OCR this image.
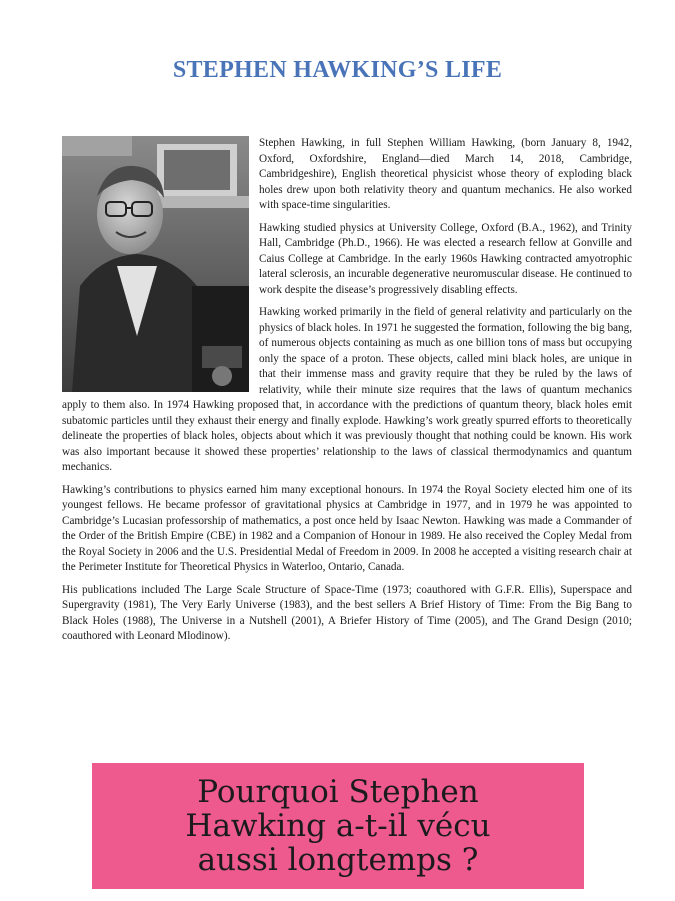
STEPHEN HAWKING’S LIFE

Stephen Hawking, in full Stephen William Hawking, (born January 8, 1942, Oxford, Oxfordshire, England—died March 14, 2018, Cambridge, Cambridgeshire), English theoretical physicist whose theory of exploding black holes drew upon both relativity theory and quantum mechanics. He also worked with space-time singularities.

Hawking studied physics at University College, Oxford (B.A., 1962), and Trinity Hall, Cambridge (Ph.D., 1966). He was elected a research fellow at Gonville and Caius College at Cambridge. In the early 1960s Hawking contracted amyotrophic lateral sclerosis, an incurable degenerative neuromuscular disease. He continued to work despite the disease’s progressively disabling effects.

Hawking worked primarily in the field of general relativity and particularly on the physics of black holes. In 1971 he suggested the formation, following the big bang, of numerous objects containing as much as one billion tons of mass but occupying only the space of a proton. These objects, called mini black holes, are unique in that their immense mass and gravity require that they be ruled by the laws of relativity, while their minute size requires that the laws of quantum mechanics apply to them also. In 1974 Hawking proposed that, in accordance with the predictions of quantum theory, black holes emit subatomic particles until they exhaust their energy and finally explode. Hawking’s work greatly spurred efforts to theoretically delineate the properties of black holes, objects about which it was previously thought that nothing could be known. His work was also important because it showed these properties’ relationship to the laws of classical thermodynamics and quantum mechanics.

Hawking’s contributions to physics earned him many exceptional honours. In 1974 the Royal Society elected him one of its youngest fellows. He became professor of gravitational physics at Cambridge in 1977, and in 1979 he was appointed to Cambridge’s Lucasian professorship of mathematics, a post once held by Isaac Newton. Hawking was made a Commander of the Order of the British Empire (CBE) in 1982 and a Companion of Honour in 1989. He also received the Copley Medal from the Royal Society in 2006 and the U.S. Presidential Medal of Freedom in 2009. In 2008 he accepted a visiting research chair at the Perimeter Institute for Theoretical Physics in Waterloo, Ontario, Canada.

His publications included The Large Scale Structure of Space-Time (1973; coauthored with G.F.R. Ellis), Superspace and Supergravity (1981), The Very Early Universe (1983), and the best sellers A Brief History of Time: From the Big Bang to Black Holes (1988), The Universe in a Nutshell (2001), A Briefer History of Time (2005), and The Grand Design (2010; coauthored with Leonard Mlodinow).

Pourquoi Stephen Hawking a-t-il vécu aussi longtemps ?
